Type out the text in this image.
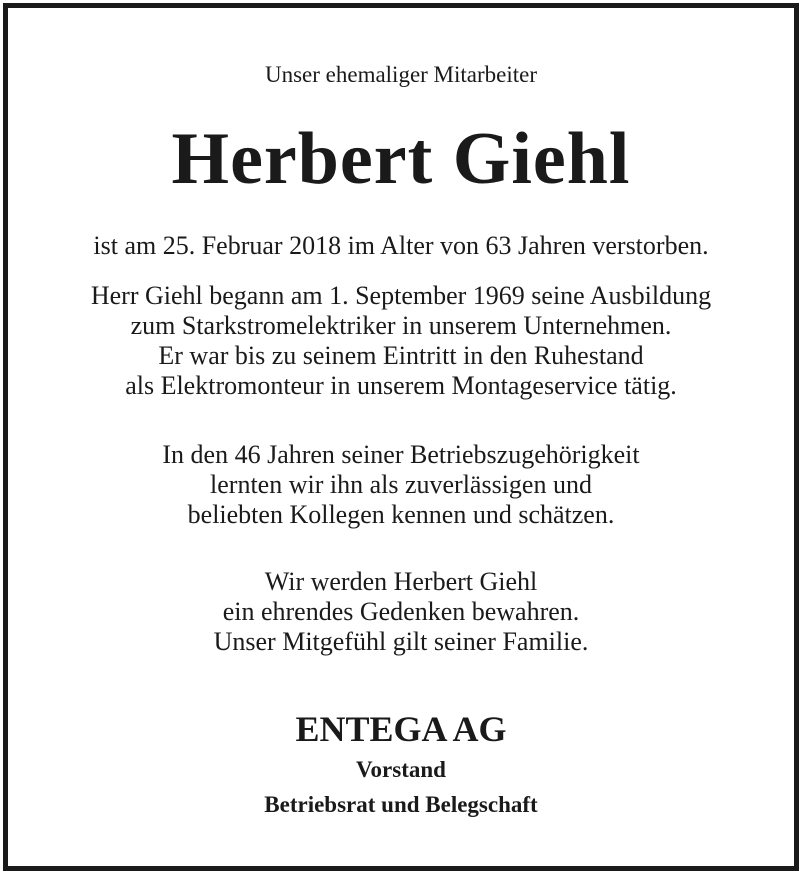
Unser ehemaliger Mitarbeiter
Herbert Giehl
ist am 25. Februar 2018 im Alter von 63 Jahren verstorben.
Herr Giehl begann am 1. September 1969 seine Ausbildung
zum Starkstromelektriker in unserem Unternehmen.
Er war bis zu seinem Eintritt in den Ruhestand
als Elektromonteur in unserem Montageservice tätig.
In den 46 Jahren seiner Betriebszugehörigkeit
lernten wir ihn als zuverlässigen und
beliebten Kollegen kennen und schätzen.
Wir werden Herbert Giehl
ein ehrendes Gedenken bewahren.
Unser Mitgefühl gilt seiner Familie.
ENTEGA AG
Vorstand
Betriebsrat und Belegschaft
